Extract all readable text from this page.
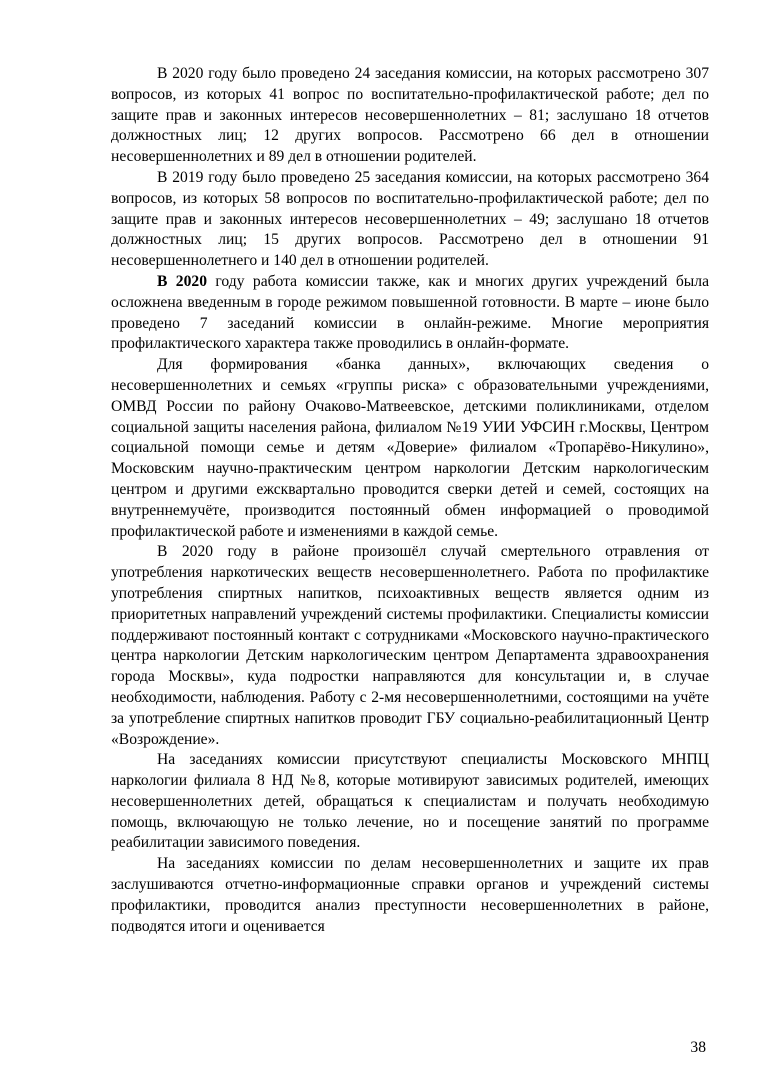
В 2020 году было проведено 24 заседания комиссии, на которых рассмотрено 307 вопросов, из которых 41 вопрос по воспитательно-профилактической работе; дел по защите прав и законных интересов несовершеннолетних – 81; заслушано 18 отчетов должностных лиц; 12 других вопросов. Рассмотрено 66 дел в отношении несовершеннолетних и 89 дел в отношении родителей.

В 2019 году было проведено 25 заседания комиссии, на которых рассмотрено 364 вопросов, из которых 58 вопросов по воспитательно-профилактической работе; дел по защите прав и законных интересов несовершеннолетних – 49; заслушано 18 отчетов должностных лиц; 15 других вопросов. Рассмотрено дел в отношении 91 несовершеннолетнего и 140 дел в отношении родителей.

В 2020 году работа комиссии также, как и многих других учреждений была осложнена введенным в городе режимом повышенной готовности. В марте – июне было проведено 7 заседаний комиссии в онлайн-режиме. Многие мероприятия профилактического характера также проводились в онлайн-формате.

Для формирования «банка данных», включающих сведения о несовершеннолетних и семьях «группы риска» с образовательными учреждениями, ОМВД России по району Очаково-Матвеевское, детскими поликлиниками, отделом социальной защиты населения района, филиалом №19 УИИ УФСИН г.Москвы, Центром социальной помощи семье и детям «Доверие» филиалом «Тропарёво-Никулино», Московским научно-практическим центром наркологии Детским наркологическим центром и другими ежсквартально проводится сверки детей и семей, состоящих на внутреннемучёте, производится постоянный обмен информацией о проводимой профилактической работе и изменениями в каждой семье.

В 2020 году в районе произошёл случай смертельного отравления от употребления наркотических веществ несовершеннолетнего. Работа по профилактике употребления спиртных напитков, психоактивных веществ является одним из приоритетных направлений учреждений системы профилактики. Специалисты комиссии поддерживают постоянный контакт с сотрудниками «Московского научно-практического центра наркологии Детским наркологическим центром Департамента здравоохранения города Москвы», куда подростки направляются для консультации и, в случае необходимости, наблюдения. Работу с 2-мя несовершеннолетними, состоящими на учёте за употребление спиртных напитков проводит ГБУ социально-реабилитационный Центр «Возрождение».

На заседаниях комиссии присутствуют специалисты Московского МНПЦ наркологии филиала 8 НД №8, которые мотивируют зависимых родителей, имеющих несовершеннолетних детей, обращаться к специалистам и получать необходимую помощь, включающую не только лечение, но и посещение занятий по программе реабилитации зависимого поведения.

На заседаниях комиссии по делам несовершеннолетних и защите их прав заслушиваются отчетно-информационные справки органов и учреждений системы профилактики, проводится анализ преступности несовершеннолетних в районе, подводятся итоги и оценивается

38
